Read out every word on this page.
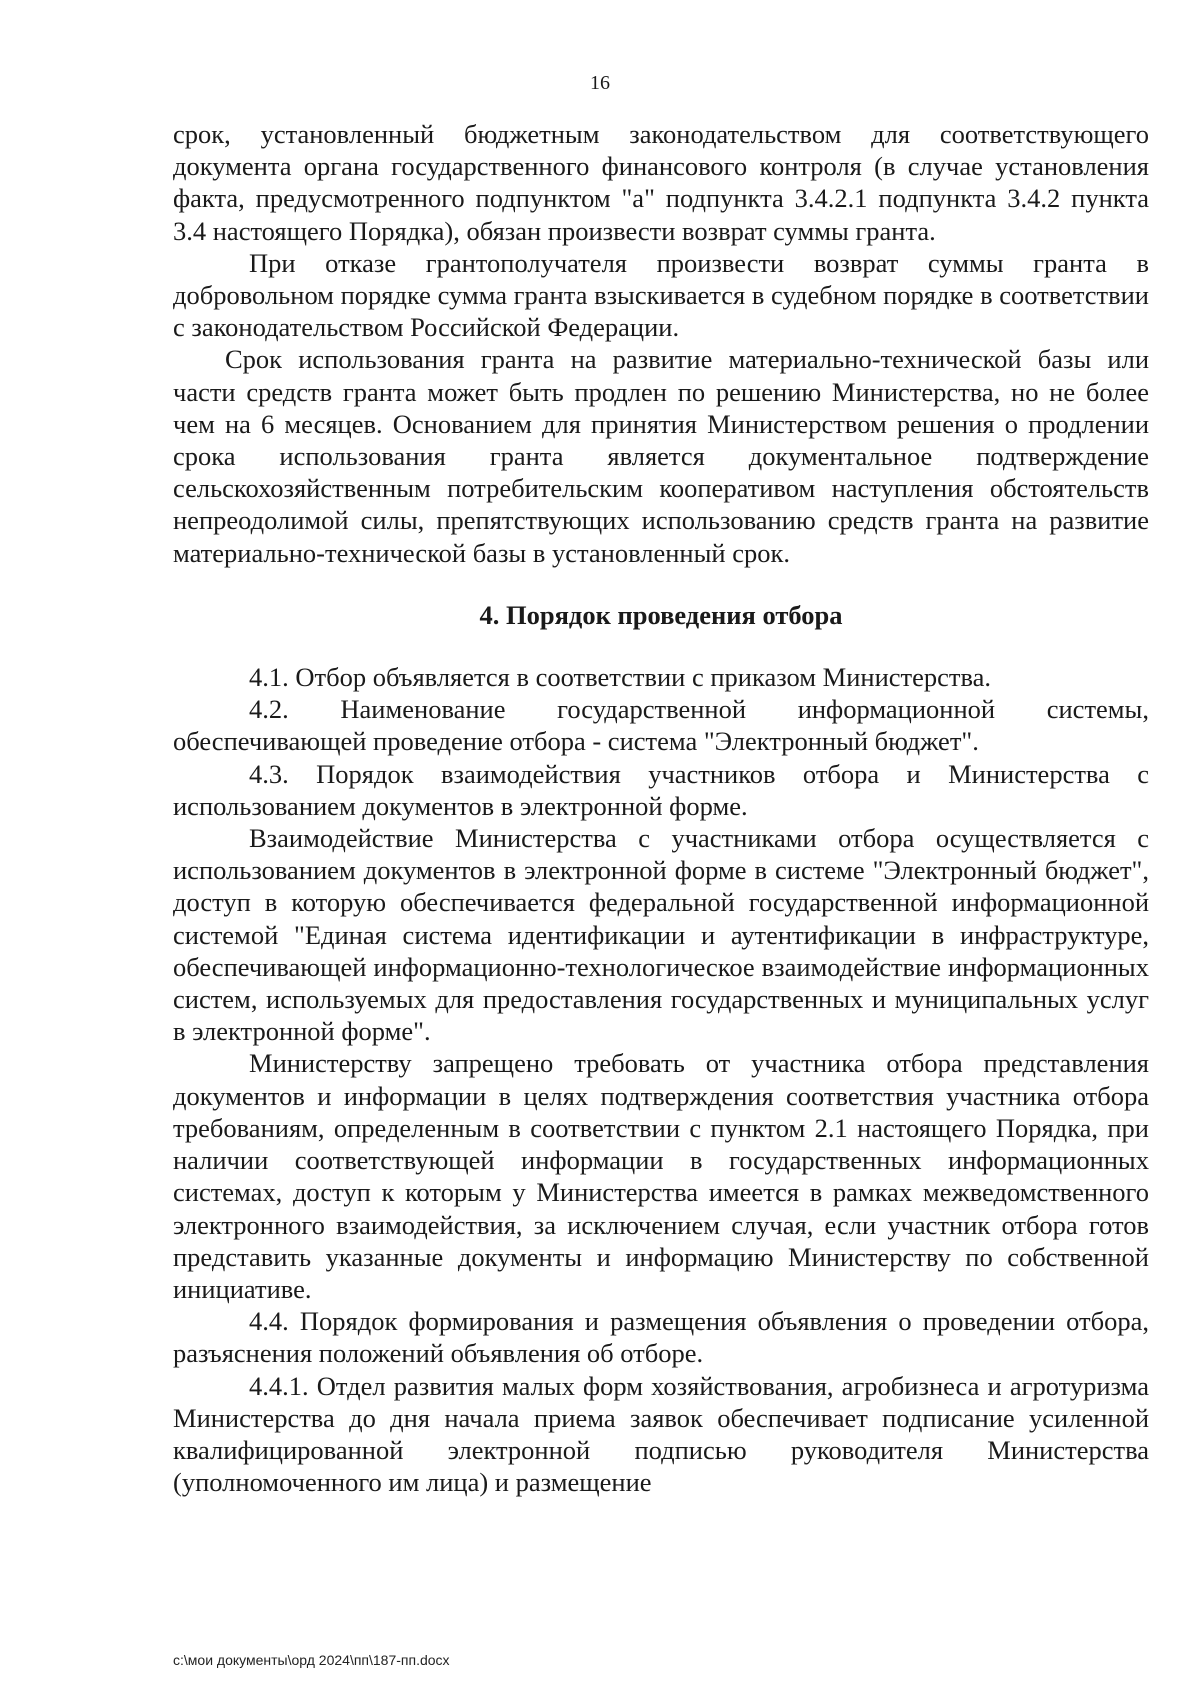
16

срок, установленный бюджетным законодательством для соответствующего документа органа государственного финансового контроля (в случае установления факта, предусмотренного подпунктом "а" подпункта 3.4.2.1 подпункта 3.4.2 пункта 3.4 настоящего Порядка), обязан произвести возврат суммы гранта.

При отказе грантополучателя произвести возврат суммы гранта в добровольном порядке сумма гранта взыскивается в судебном порядке в соответствии с законодательством Российской Федерации.

Срок использования гранта на развитие материально-технической базы или части средств гранта может быть продлен по решению Министерства, но не более чем на 6 месяцев. Основанием для принятия Министерством решения о продлении срока использования гранта является документальное подтверждение сельскохозяйственным потребительским кооперативом наступления обстоятельств непреодолимой силы, препятствующих использованию средств гранта на развитие материально-технической базы в установленный срок.

4. Порядок проведения отбора

4.1. Отбор объявляется в соответствии с приказом Министерства.

4.2. Наименование государственной информационной системы, обеспечивающей проведение отбора - система "Электронный бюджет".

4.3. Порядок взаимодействия участников отбора и Министерства с использованием документов в электронной форме.

Взаимодействие Министерства с участниками отбора осуществляется с использованием документов в электронной форме в системе "Электронный бюджет", доступ в которую обеспечивается федеральной государственной информационной системой "Единая система идентификации и аутентификации в инфраструктуре, обеспечивающей информационно-технологическое взаимодействие информационных систем, используемых для предоставления государственных и муниципальных услуг в электронной форме".

Министерству запрещено требовать от участника отбора представления документов и информации в целях подтверждения соответствия участника отбора требованиям, определенным в соответствии с пунктом 2.1 настоящего Порядка, при наличии соответствующей информации в государственных информационных системах, доступ к которым у Министерства имеется в рамках межведомственного электронного взаимодействия, за исключением случая, если участник отбора готов представить указанные документы и информацию Министерству по собственной инициативе.

4.4. Порядок формирования и размещения объявления о проведении отбора, разъяснения положений объявления об отборе.

4.4.1. Отдел развития малых форм хозяйствования, агробизнеса и агротуризма Министерства до дня начала приема заявок обеспечивает подписание усиленной квалифицированной электронной подписью руководителя Министерства (уполномоченного им лица) и размещение

c:\мои документы\орд 2024\пп\187-пп.docx
